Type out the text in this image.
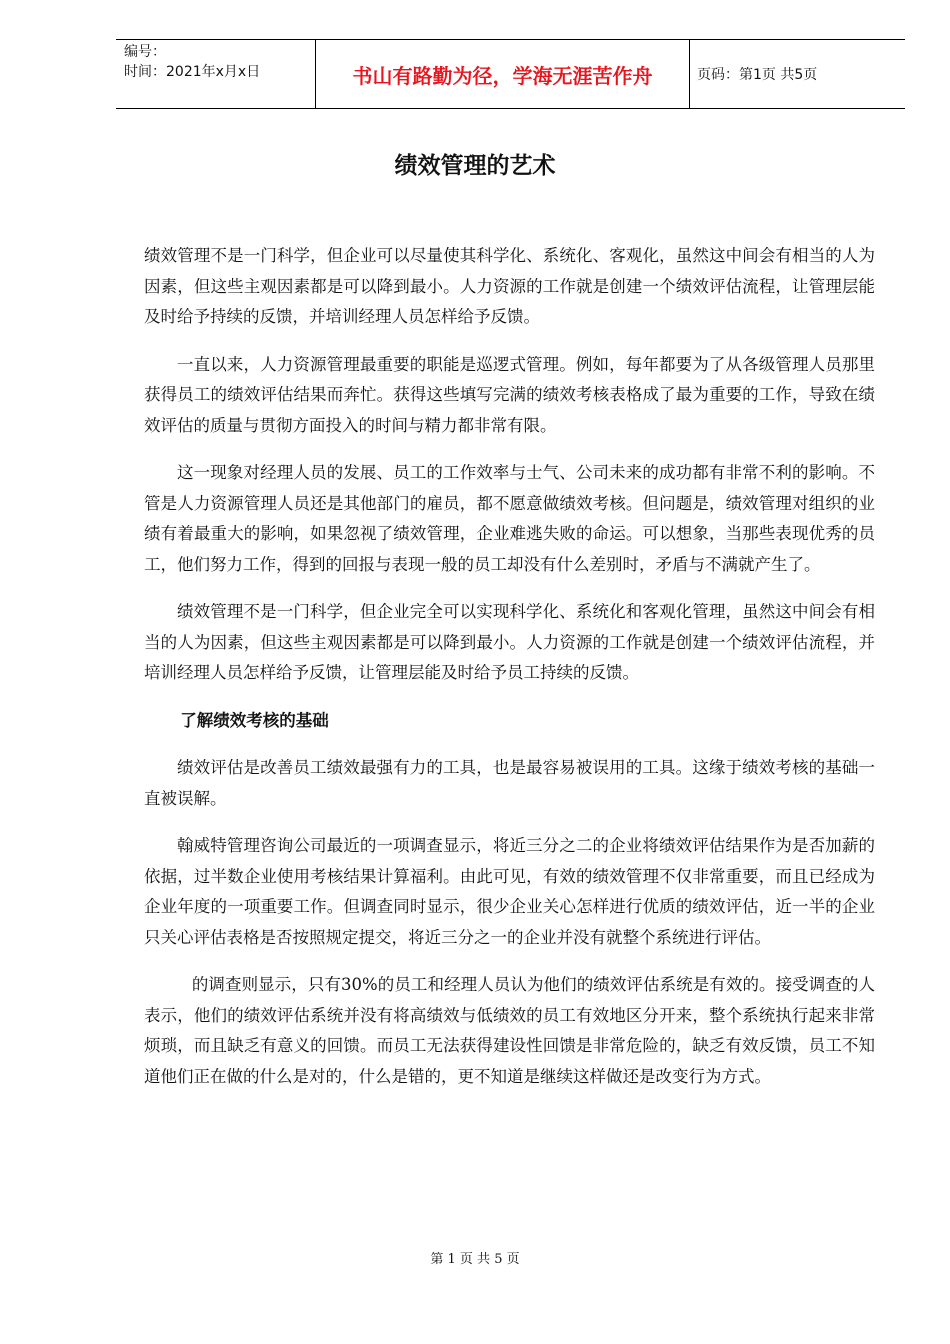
编号：
时间：2021年x月x日	书山有路勤为径，学海无涯苦作舟	页码：第1页 共5页
绩效管理的艺术

绩效管理不是一门科学，但企业可以尽量使其科学化、系统化、客观化，虽然这中间会有相当的人为因素，但这些主观因素都是可以降到最小。人力资源的工作就是创建一个绩效评估流程，让管理层能及时给予持续的反馈，并培训经理人员怎样给予反馈。

一直以来，人力资源管理最重要的职能是巡逻式管理。例如，每年都要为了从各级管理人员那里获得员工的绩效评估结果而奔忙。获得这些填写完满的绩效考核表格成了最为重要的工作，导致在绩效评估的质量与贯彻方面投入的时间与精力都非常有限。

这一现象对经理人员的发展、员工的工作效率与士气、公司未来的成功都有非常不利的影响。不管是人力资源管理人员还是其他部门的雇员，都不愿意做绩效考核。但问题是，绩效管理对组织的业绩有着最重大的影响，如果忽视了绩效管理，企业难逃失败的命运。可以想象，当那些表现优秀的员工，他们努力工作，得到的回报与表现一般的员工却没有什么差别时，矛盾与不满就产生了。

绩效管理不是一门科学，但企业完全可以实现科学化、系统化和客观化管理，虽然这中间会有相当的人为因素，但这些主观因素都是可以降到最小。人力资源的工作就是创建一个绩效评估流程，并培训经理人员怎样给予反馈，让管理层能及时给予员工持续的反馈。

了解绩效考核的基础

绩效评估是改善员工绩效最强有力的工具，也是最容易被误用的工具。这缘于绩效考核的基础一直被误解。

翰威特管理咨询公司最近的一项调查显示，将近三分之二的企业将绩效评估结果作为是否加薪的依据，过半数企业使用考核结果计算福利。由此可见，有效的绩效管理不仅非常重要，而且已经成为企业年度的一项重要工作。但调查同时显示，很少企业关心怎样进行优质的绩效评估，近一半的企业只关心评估表格是否按照规定提交，将近三分之一的企业并没有就整个系统进行评估。

的调查则显示，只有30%的员工和经理人员认为他们的绩效评估系统是有效的。接受调查的人表示，他们的绩效评估系统并没有将高绩效与低绩效的员工有效地区分开来，整个系统执行起来非常烦琐，而且缺乏有意义的回馈。而员工无法获得建设性回馈是非常危险的，缺乏有效反馈，员工不知道他们正在做的什么是对的，什么是错的，更不知道是继续这样做还是改变行为方式。

第 1 页 共 5 页
